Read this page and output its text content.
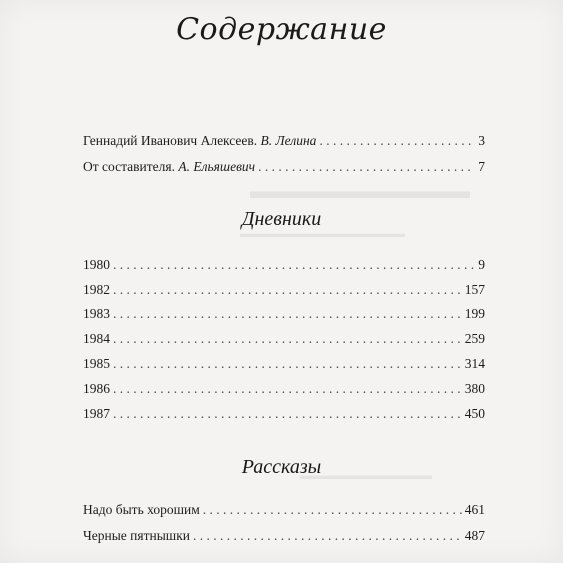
▬▬▬▬▬▬▬▬▬▬
▬▬▬▬▬▬▬▬▬▬▬▬▬▬▬
▬▬▬▬▬▬▬▬▬▬▬▬
Содержание
Геннадий Иванович Алексеев. В. Лелина . . .	3
От составителя. А. Ельяшевич . . .	7
Дневники
1980 . . .	9
1982 . . .	157
1983 . . .	199
1984 . . .	259
1985 . . .	314
1986 . . .	380
1987 . . .	450
Рассказы
Надо быть хорошим . . .	461
Черные пятнышки . . .	487
